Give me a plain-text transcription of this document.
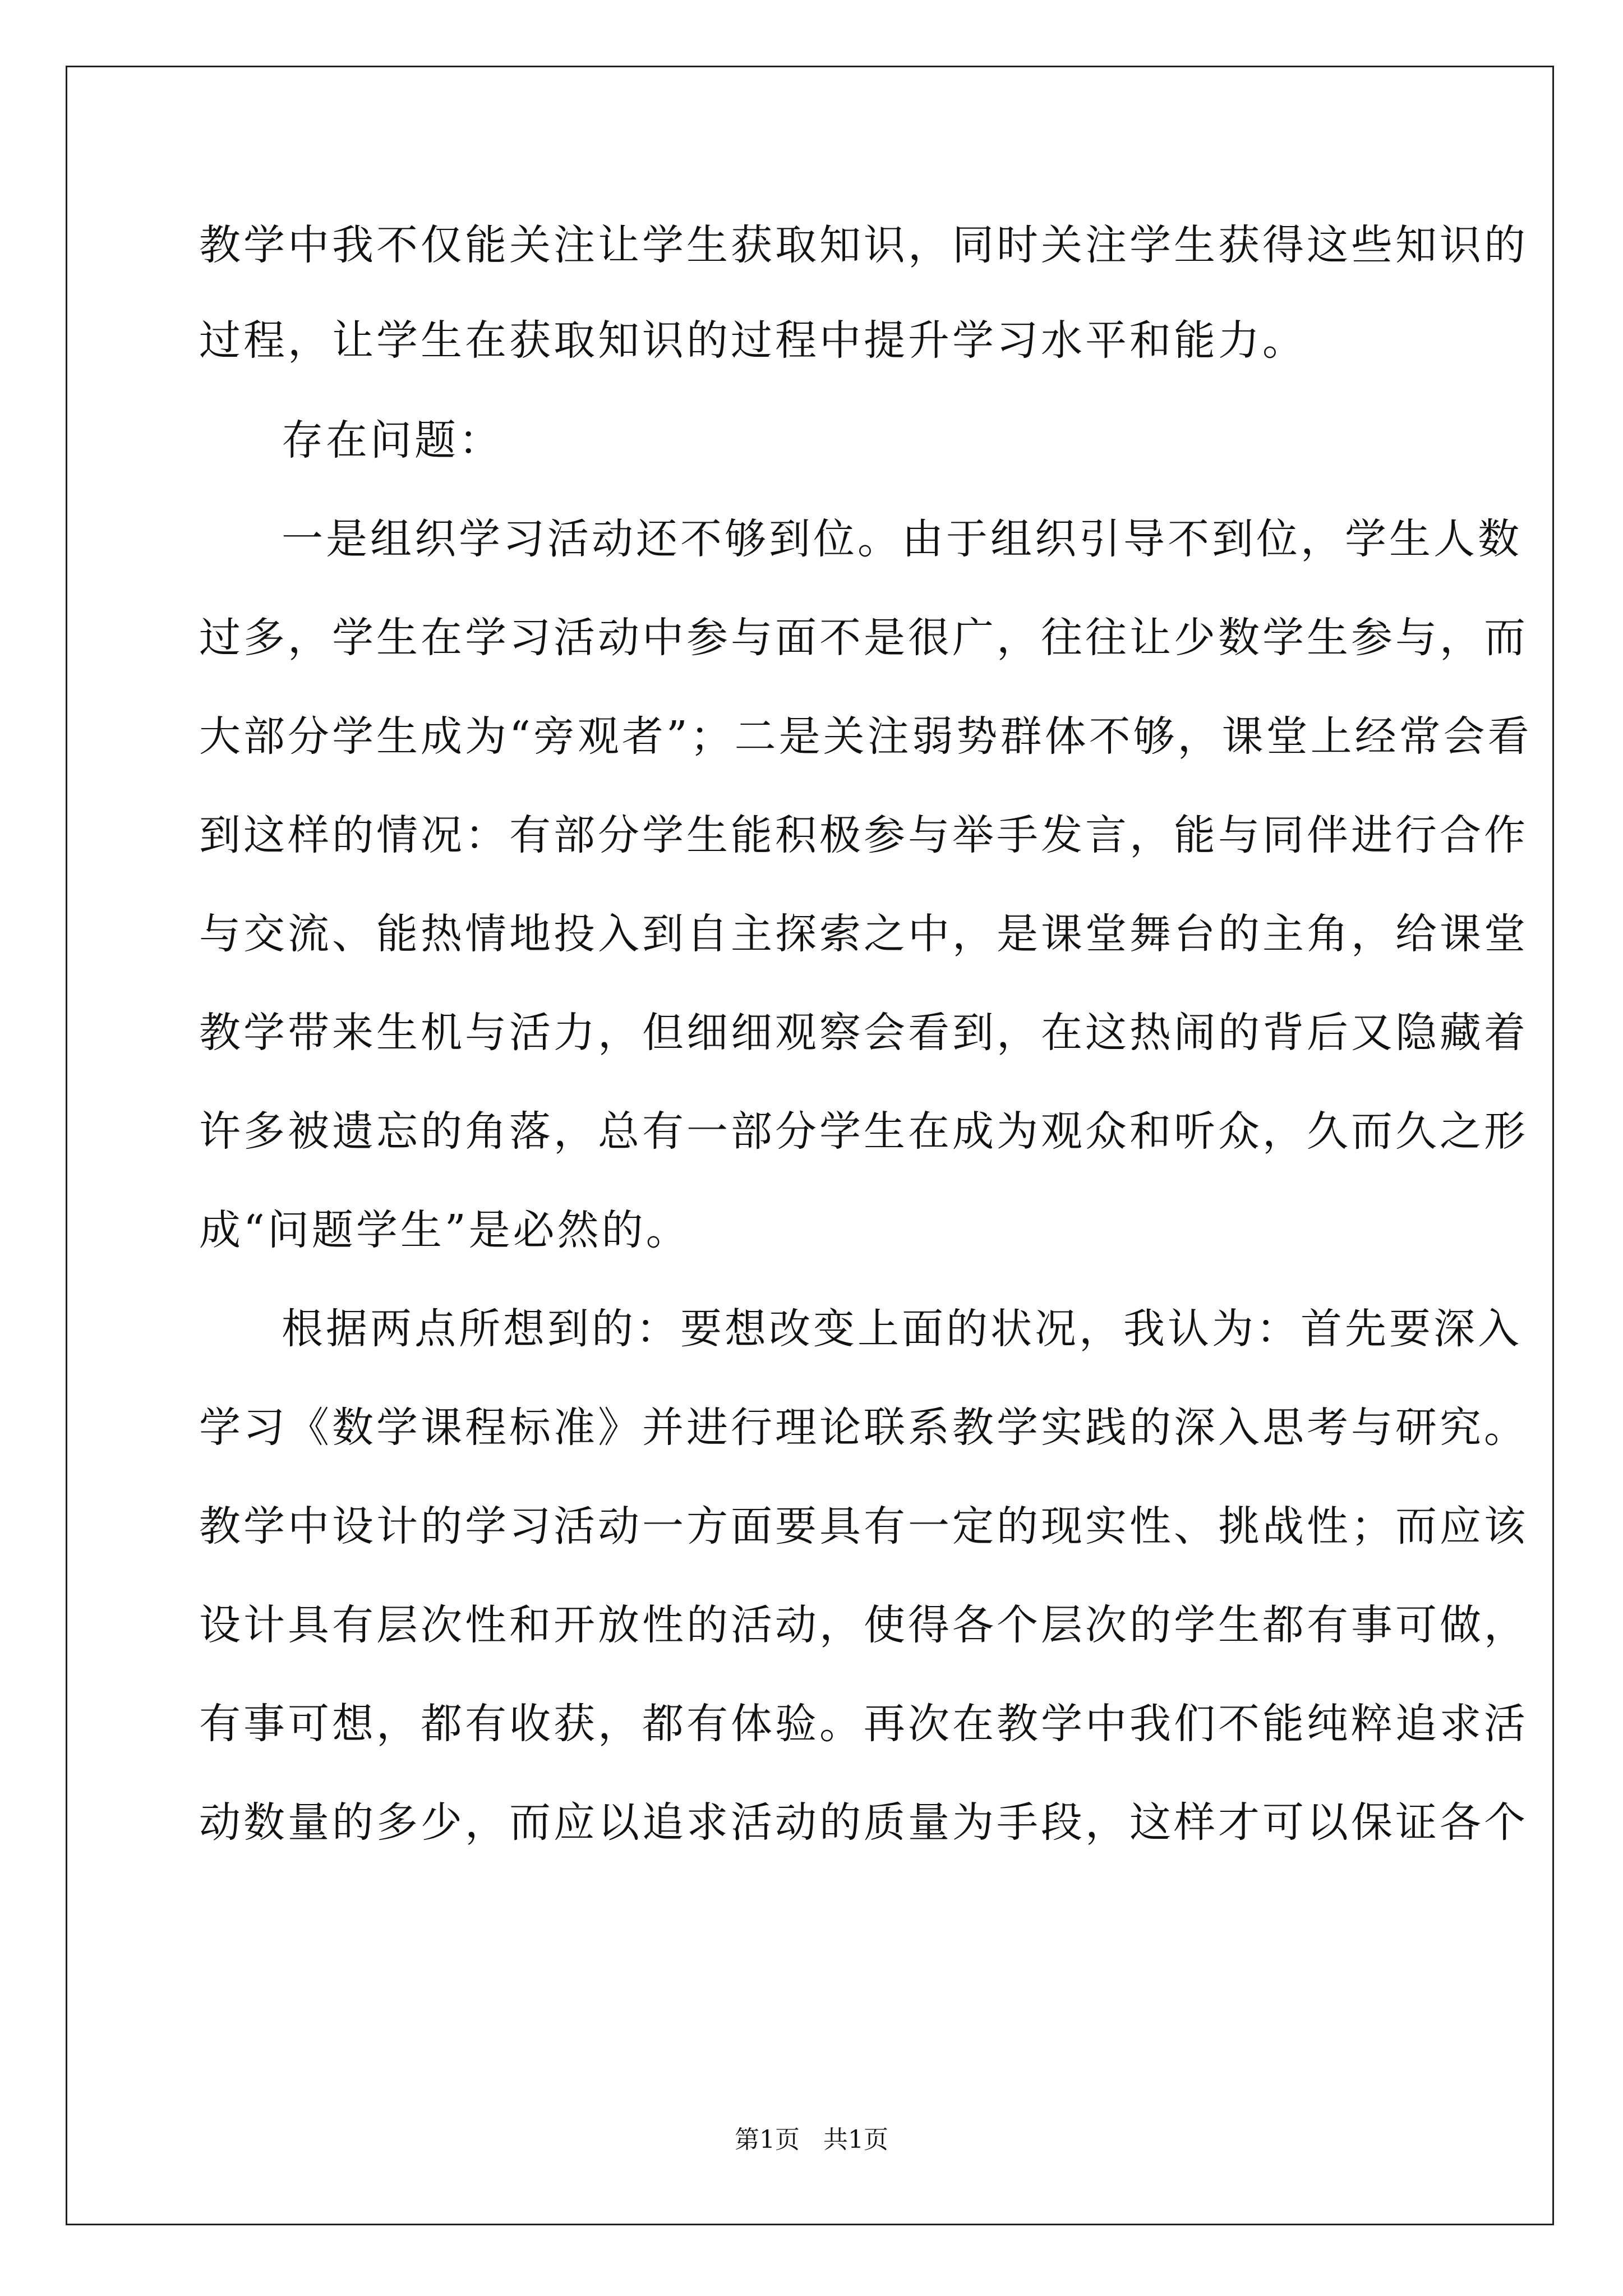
教学中我不仅能关注让学生获取知识，同时关注学生获得这些知识的
过程，让学生在获取知识的过程中提升学习水平和能力。
存在问题：
一是组织学习活动还不够到位。由于组织引导不到位，学生人数
过多，学生在学习活动中参与面不是很广，往往让少数学生参与，而
大部分学生成为“旁观者”；二是关注弱势群体不够，课堂上经常会看
到这样的情况：有部分学生能积极参与举手发言，能与同伴进行合作
与交流、能热情地投入到自主探索之中，是课堂舞台的主角，给课堂
教学带来生机与活力，但细细观察会看到，在这热闹的背后又隐藏着
许多被遗忘的角落，总有一部分学生在成为观众和听众，久而久之形
成“问题学生”是必然的。
根据两点所想到的：要想改变上面的状况，我认为：首先要深入
学习《数学课程标准》并进行理论联系教学实践的深入思考与研究。
教学中设计的学习活动一方面要具有一定的现实性、挑战性；而应该
设计具有层次性和开放性的活动，使得各个层次的学生都有事可做，
有事可想，都有收获，都有体验。再次在教学中我们不能纯粹追求活
动数量的多少，而应以追求活动的质量为手段，这样才可以保证各个
第1页   共1页
